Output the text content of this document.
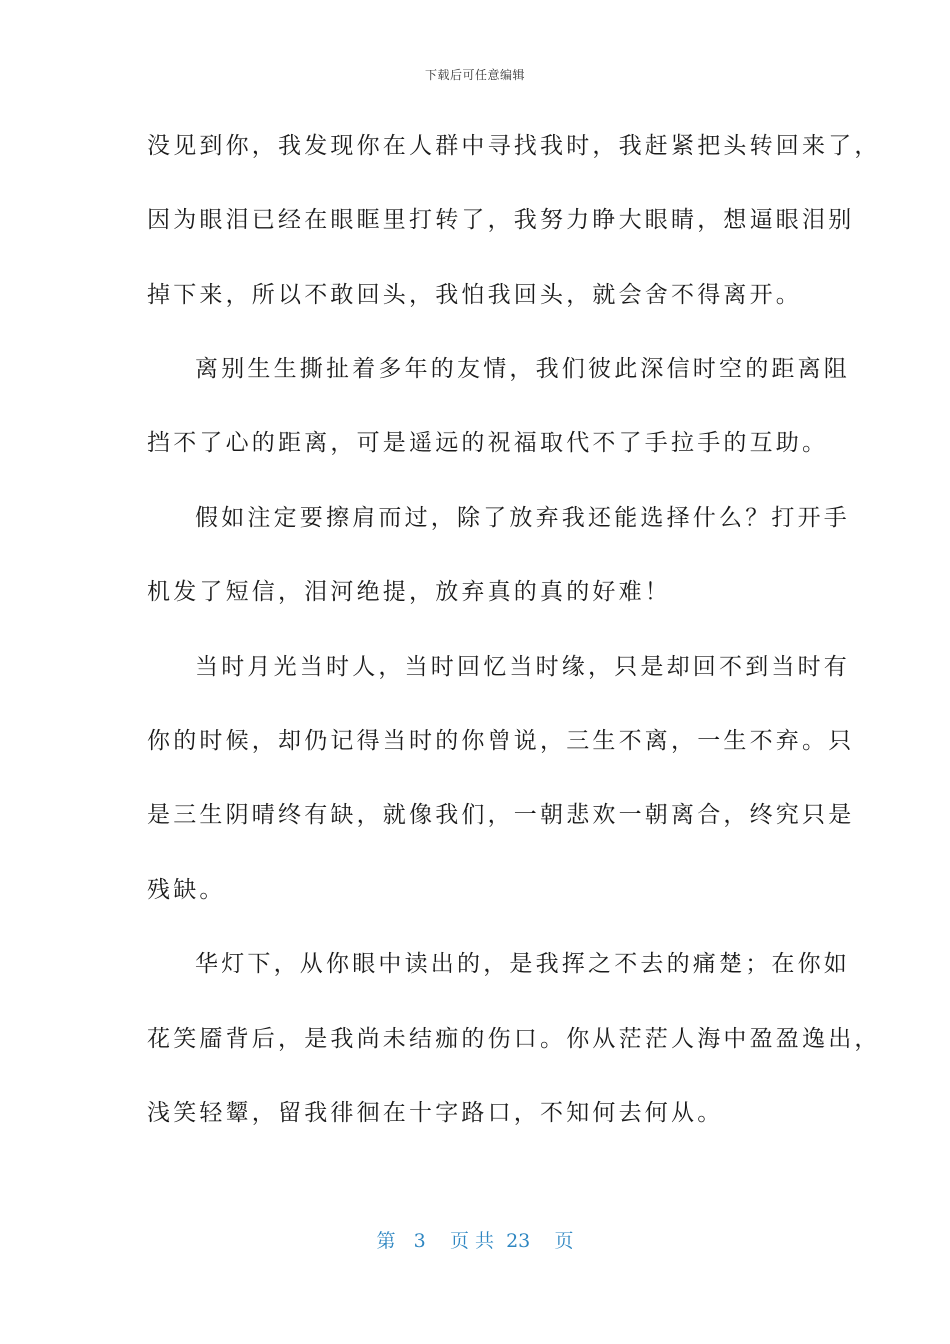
下载后可任意编辑
没见到你，我发现你在人群中寻找我时，我赶紧把头转回来了，
因为眼泪已经在眼眶里打转了，我努力睁大眼睛，想逼眼泪别
掉下来，所以不敢回头，我怕我回头，就会舍不得离开。
离别生生撕扯着多年的友情，我们彼此深信时空的距离阻
挡不了心的距离，可是遥远的祝福取代不了手拉手的互助。
假如注定要擦肩而过，除了放弃我还能选择什么？打开手
机发了短信，泪河绝提，放弃真的真的好难！
当时月光当时人，当时回忆当时缘，只是却回不到当时有
你的时候，却仍记得当时的你曾说，三生不离，一生不弃。只
是三生阴晴终有缺，就像我们，一朝悲欢一朝离合，终究只是
残缺。
华灯下，从你眼中读出的，是我挥之不去的痛楚；在你如
花笑靥背后，是我尚未结痂的伤口。你从茫茫人海中盈盈逸出，
浅笑轻颦，留我徘徊在十字路口，不知何去何从。
第 3 页 共 23 页
